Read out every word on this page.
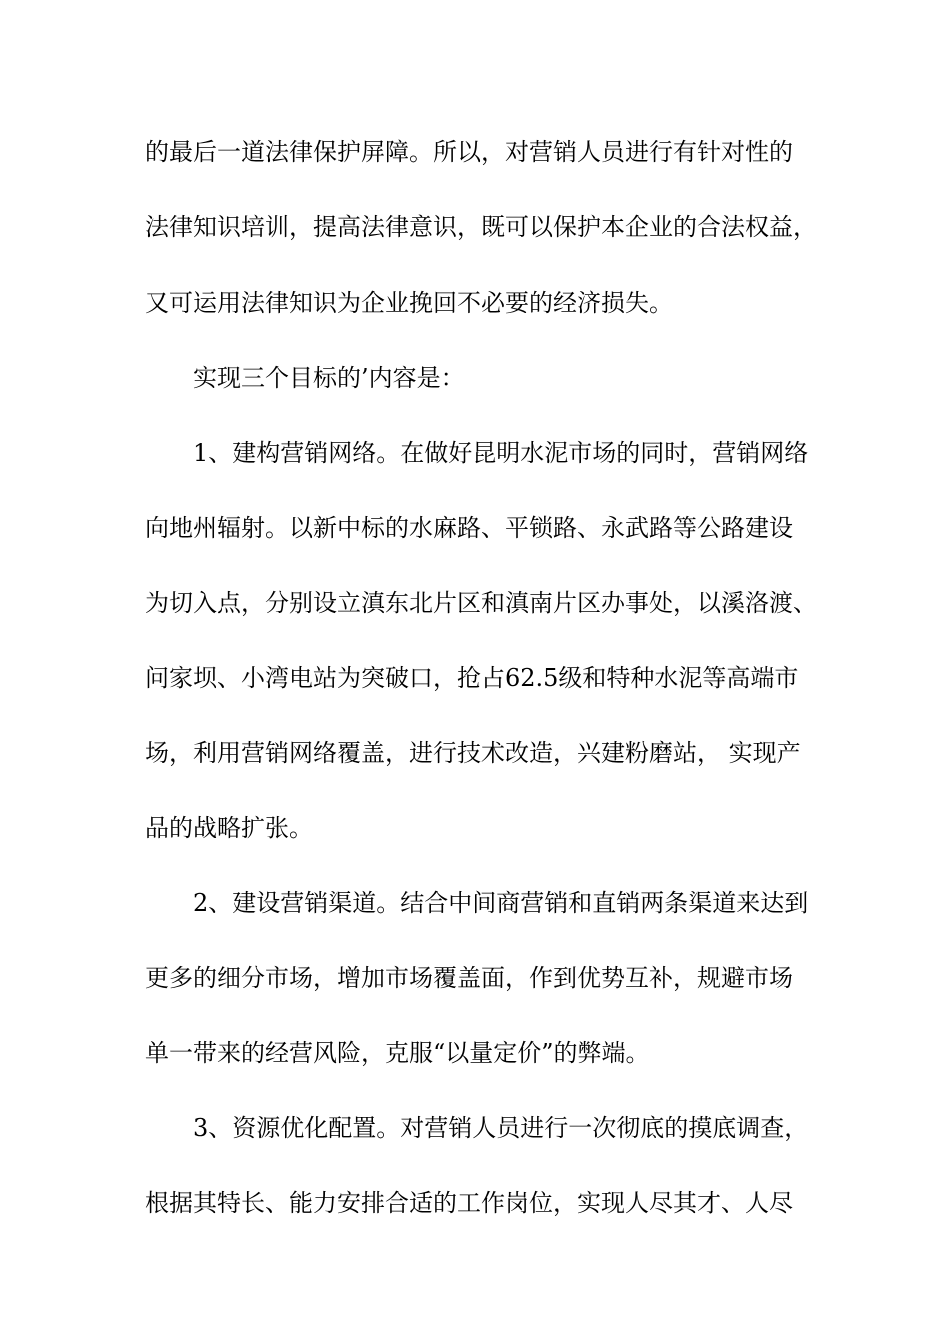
的最后一道法律保护屏障。所以，对营销人员进行有针对性的
法律知识培训，提高法律意识，既可以保护本企业的合法权益，
又可运用法律知识为企业挽回不必要的经济损失。
实现三个目标的’内容是：
1、建构营销网络。在做好昆明水泥市场的同时，营销网络
向地州辐射。以新中标的水麻路、平锁路、永武路等公路建设
为切入点，分别设立滇东北片区和滇南片区办事处，以溪洛渡、
问家坝、小湾电站为突破口，抢占62.5级和特种水泥等高端市
场，利用营销网络覆盖，进行技术改造，兴建粉磨站， 实现产
品的战略扩张。
2、建设营销渠道。结合中间商营销和直销两条渠道来达到
更多的细分市场，增加市场覆盖面，作到优势互补，规避市场
单一带来的经营风险，克服“以量定价”的弊端。
3、资源优化配置。对营销人员进行一次彻底的摸底调查，
根据其特长、能力安排合适的工作岗位，实现人尽其才、人尽
